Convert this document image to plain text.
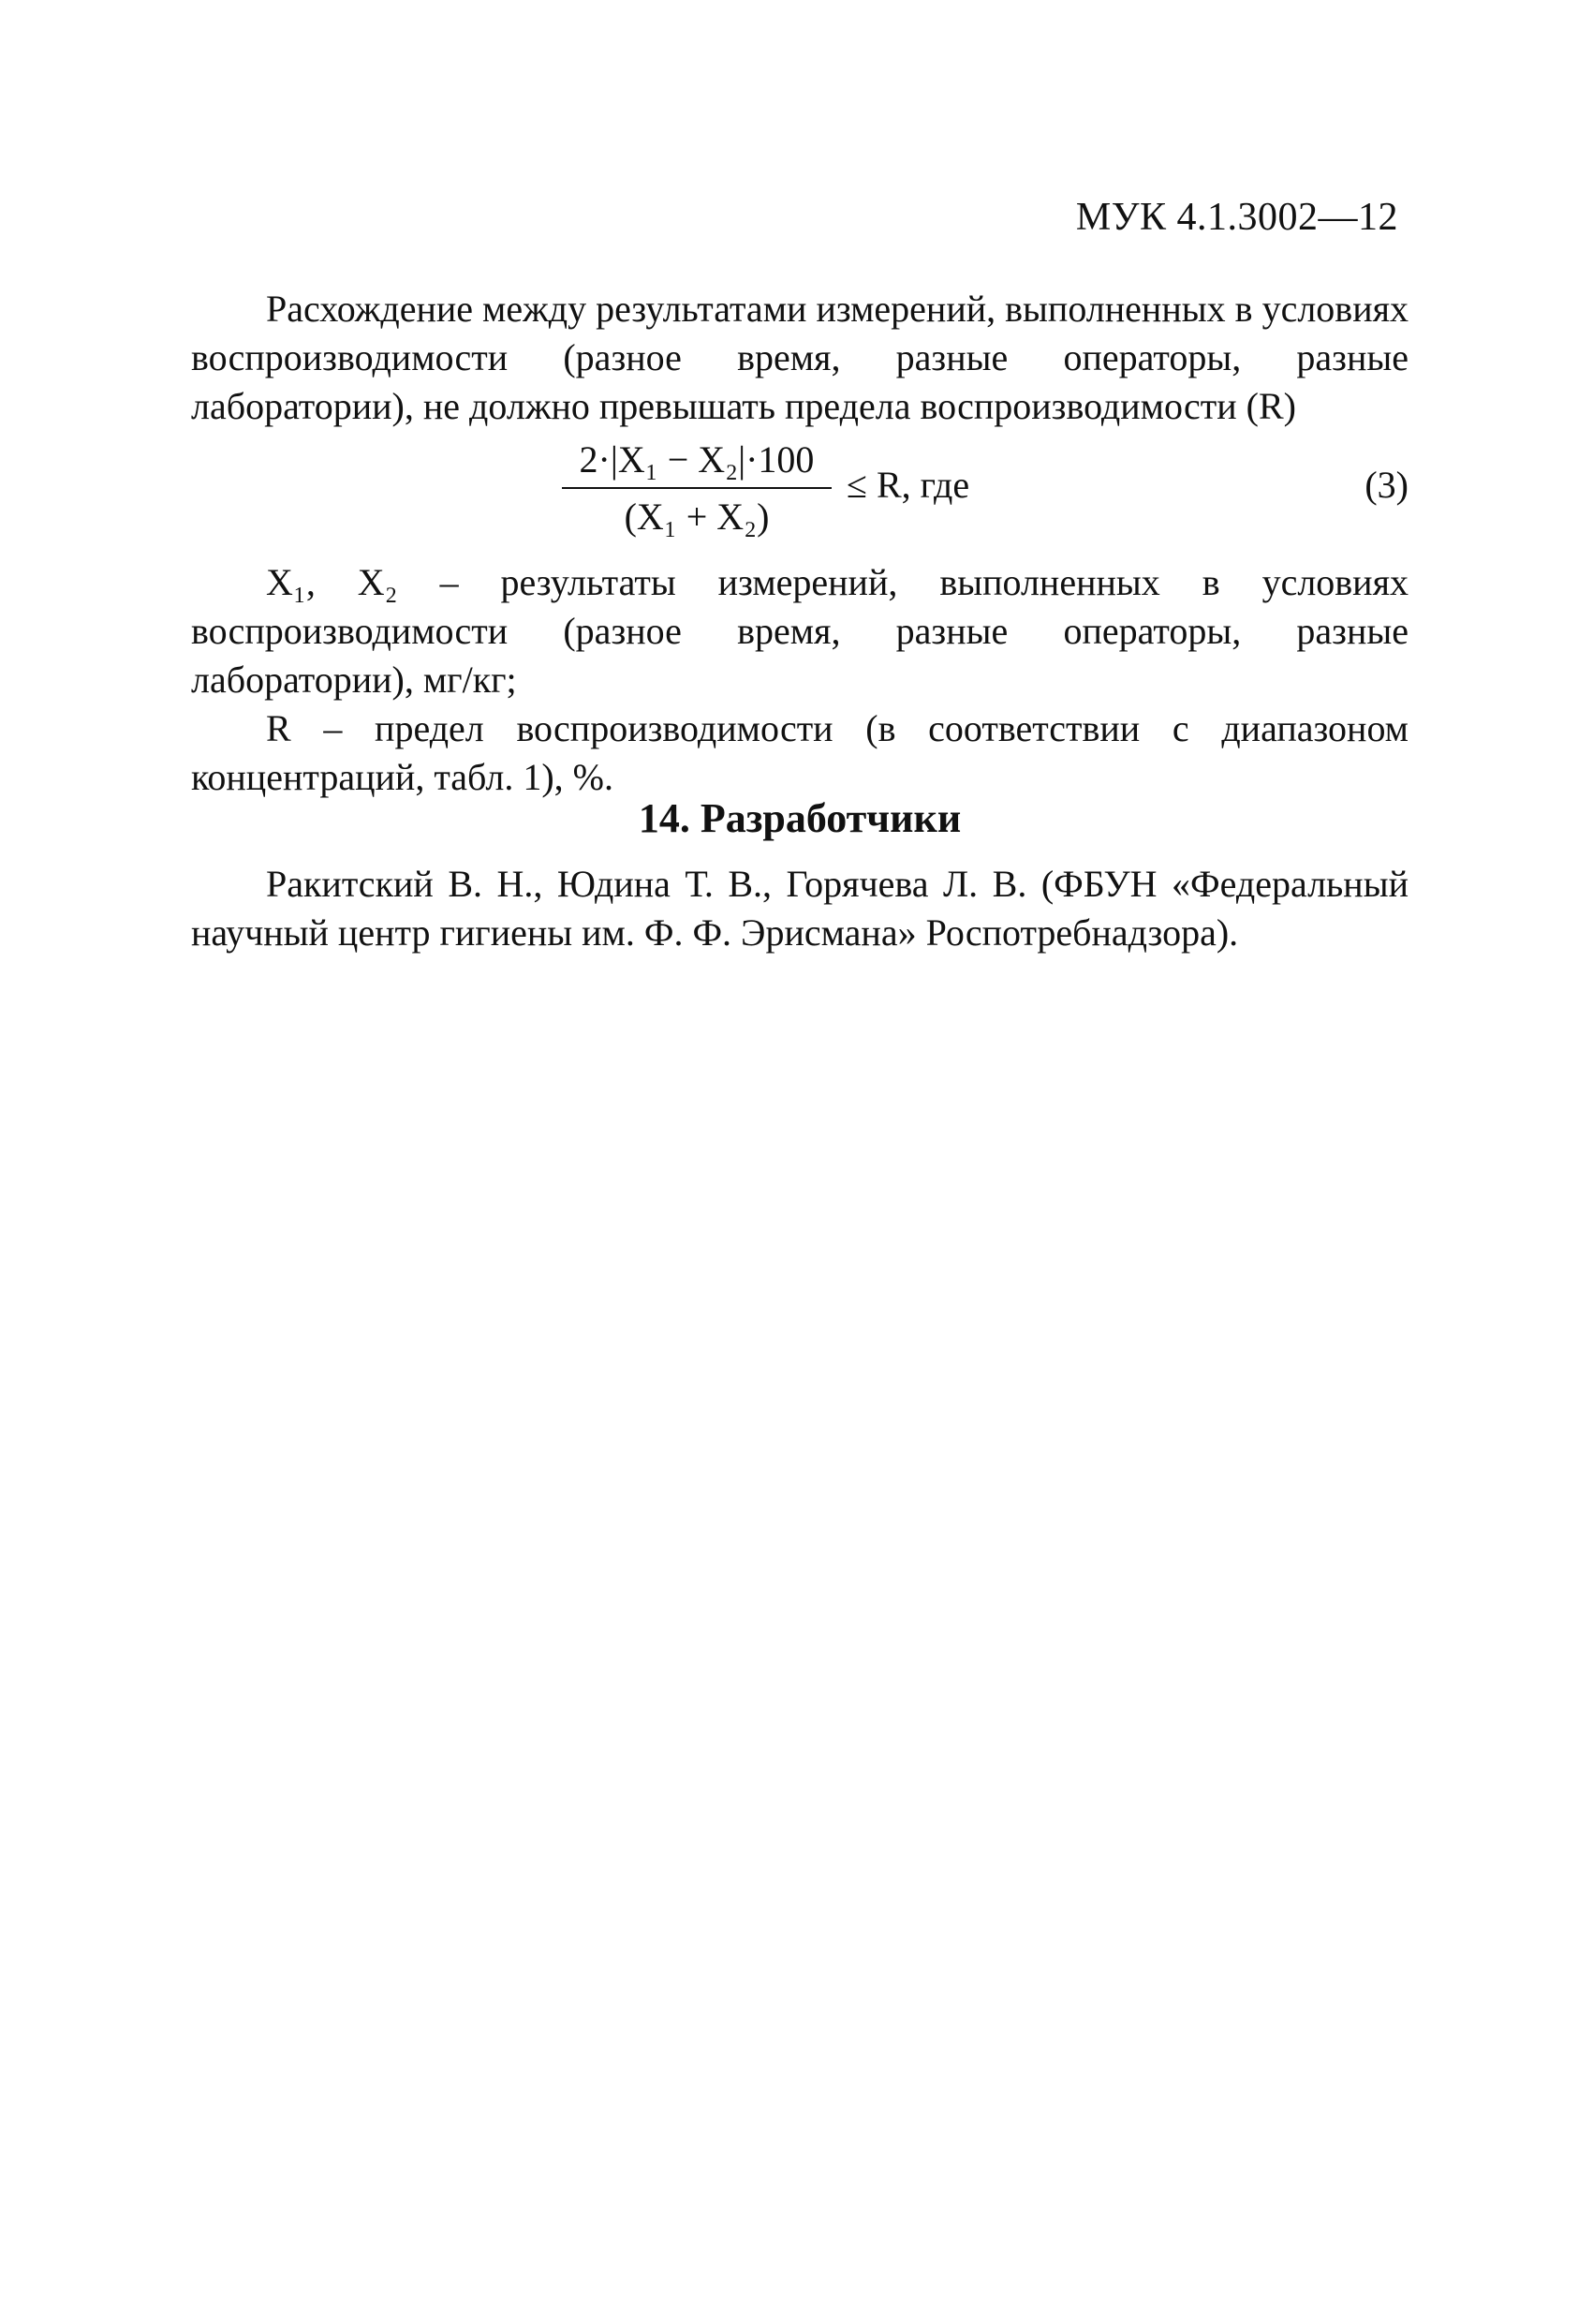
МУК 4.1.3002—12
Расхождение между результатами измерений, выполненных в условиях воспроизводимости (разное время, разные операторы, разные лаборатории), не должно превышать предела воспроизводимости (R)
2·|X₁ − X₂|·100
(X₁ + X₂)
≤ R, где	(3)
X₁, X₂ – результаты измерений, выполненных в условиях воспроизводимости (разное время, разные операторы, разные лаборатории), мг/кг;
R – предел воспроизводимости (в соответствии с диапазоном концентраций, табл. 1), %.
14. Разработчики
Ракитский В. Н., Юдина Т. В., Горячева Л. В. (ФБУН «Федеральный научный центр гигиены им. Ф. Ф. Эрисмана» Роспотребнадзора).
